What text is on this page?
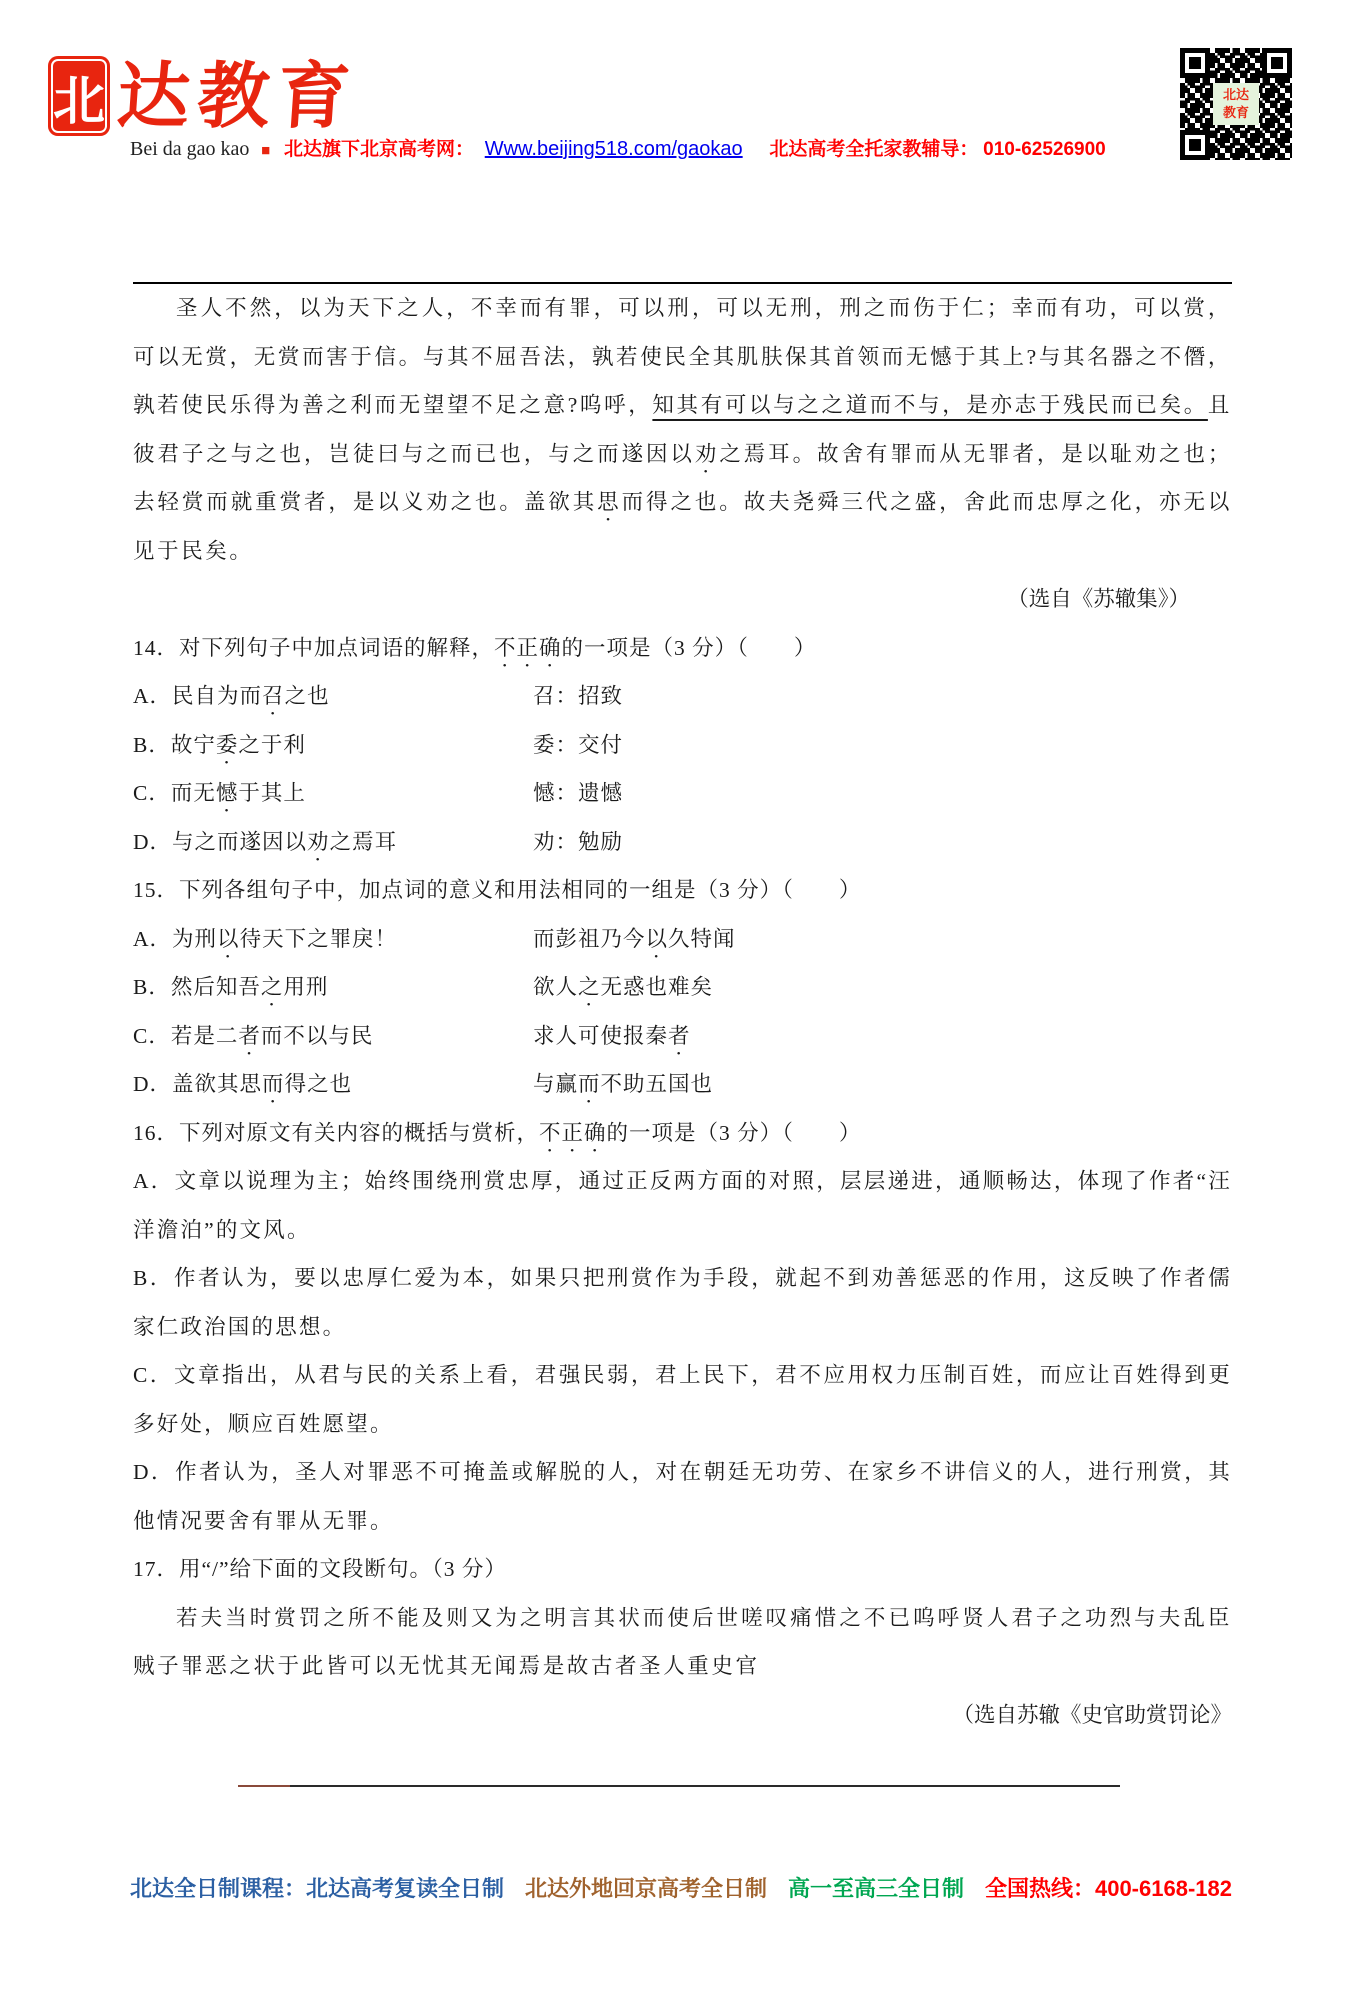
北 达教育
Bei da gao kao ■ 北达旗下北京高考网： Www.beijing518.com/gaokao 北达高考全托家教辅导： 010-62526900
北达
教育

圣人不然，以为天下之人，不幸而有罪，可以刑，可以无刑，刑之而伤于仁；幸而有功，可以赏，可以无赏，无赏而害于信。与其不屈吾法，孰若使民全其肌肤保其首领而无憾于其上?与其名器之不僭，孰若使民乐得为善之利而无望望不足之意?呜呼，知其有可以与之之道而不与，是亦志于残民而已矣。且彼君子之与之也，岂徒曰与之而已也，与之而遂因以劝之焉耳。故舍有罪而从无罪者，是以耻劝之也；去轻赏而就重赏者，是以义劝之也。盖欲其思而得之也。故夫尧舜三代之盛，舍此而忠厚之化，亦无以见于民矣。

（选自《苏辙集》）

14．对下列句子中加点词语的解释，不正确的一项是（3 分）（　　）

A．民自为而召之也	召：招致
B．故宁委之于利	委：交付
C．而无憾于其上	憾：遗憾
D．与之而遂因以劝之焉耳	劝：勉励

15．下列各组句子中，加点词的意义和用法相同的一组是（3 分）（　　）

A．为刑以待天下之罪戾！	而彭祖乃今以久特闻
B．然后知吾之用刑	欲人之无惑也难矣
C．若是二者而不以与民	求人可使报秦者
D．盖欲其思而得之也	与赢而不助五国也

16．下列对原文有关内容的概括与赏析，不正确的一项是（3 分）（　　）

A．文章以说理为主；始终围绕刑赏忠厚，通过正反两方面的对照，层层递进，通顺畅达，体现了作者“汪洋澹泊”的文风。

B．作者认为，要以忠厚仁爱为本，如果只把刑赏作为手段，就起不到劝善惩恶的作用，这反映了作者儒家仁政治国的思想。

C．文章指出，从君与民的关系上看，君强民弱，君上民下，君不应用权力压制百姓，而应让百姓得到更多好处，顺应百姓愿望。

D．作者认为，圣人对罪恶不可掩盖或解脱的人，对在朝廷无功劳、在家乡不讲信义的人，进行刑赏，其他情况要舍有罪从无罪。

17．用“/”给下面的文段断句。（3 分）

若夫当时赏罚之所不能及则又为之明言其状而使后世嗟叹痛惜之不已呜呼贤人君子之功烈与夫乱臣贼子罪恶之状于此皆可以无忧其无闻焉是故古者圣人重史官

（选自苏辙《史官助赏罚论》

北达全日制课程：北达高考复读全日制 北达外地回京高考全日制 高一至高三全日制 全国热线：400-6168-182
